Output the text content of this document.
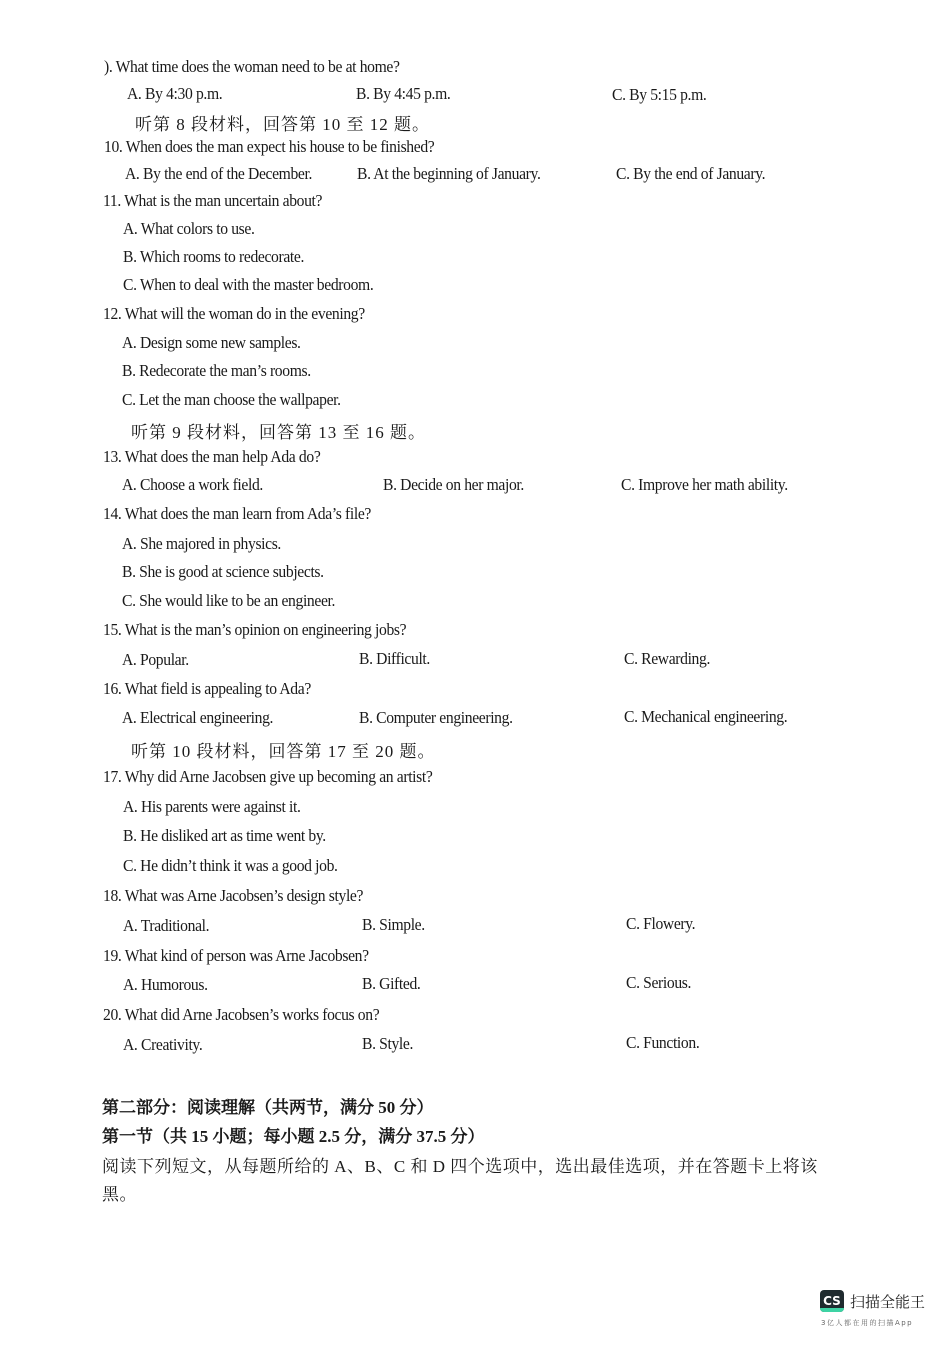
). What time does the woman need to be at home?
A. By 4:30 p.m.	B. By 4:45 p.m.	C. By 5:15 p.m.
听第 8 段材料，回答第 10 至 12 题。
10. When does the man expect his house to be finished?
A. By the end of the December.	B. At the beginning of January.	C. By the end of January.
11. What is the man uncertain about?
A. What colors to use.
B. Which rooms to redecorate.
C. When to deal with the master bedroom.
12. What will the woman do in the evening?
A. Design some new samples.
B. Redecorate the man’s rooms.
C. Let the man choose the wallpaper.
听第 9 段材料，回答第 13 至 16 题。
13. What does the man help Ada do?
A. Choose a work field.	B. Decide on her major.	C. Improve her math ability.
14. What does the man learn from Ada’s file?
A. She majored in physics.
B. She is good at science subjects.
C. She would like to be an engineer.
15. What is the man’s opinion on engineering jobs?
A. Popular.	B. Difficult.	C. Rewarding.
16. What field is appealing to Ada?
A. Electrical engineering.	B. Computer engineering.	C. Mechanical engineering.
听第 10 段材料，回答第 17 至 20 题。
17. Why did Arne Jacobsen give up becoming an artist?
A. His parents were against it.
B. He disliked art as time went by.
C. He didn’t think it was a good job.
18. What was Arne Jacobsen’s design style?
A. Traditional.	B. Simple.	C. Flowery.
19. What kind of person was Arne Jacobsen?
A. Humorous.	B. Gifted.	C. Serious.
20. What did Arne Jacobsen’s works focus on?
A. Creativity.	B. Style.	C. Function.
第二部分：阅读理解（共两节，满分 50 分）
第一节（共 15 小题；每小题 2.5 分，满分 37.5 分）
阅读下列短文，从每题所给的 A、B、C 和 D 四个选项中，选出最佳选项，并在答题卡上将该
黑。
CS 扫描全能王
3亿人都在用的扫描App
